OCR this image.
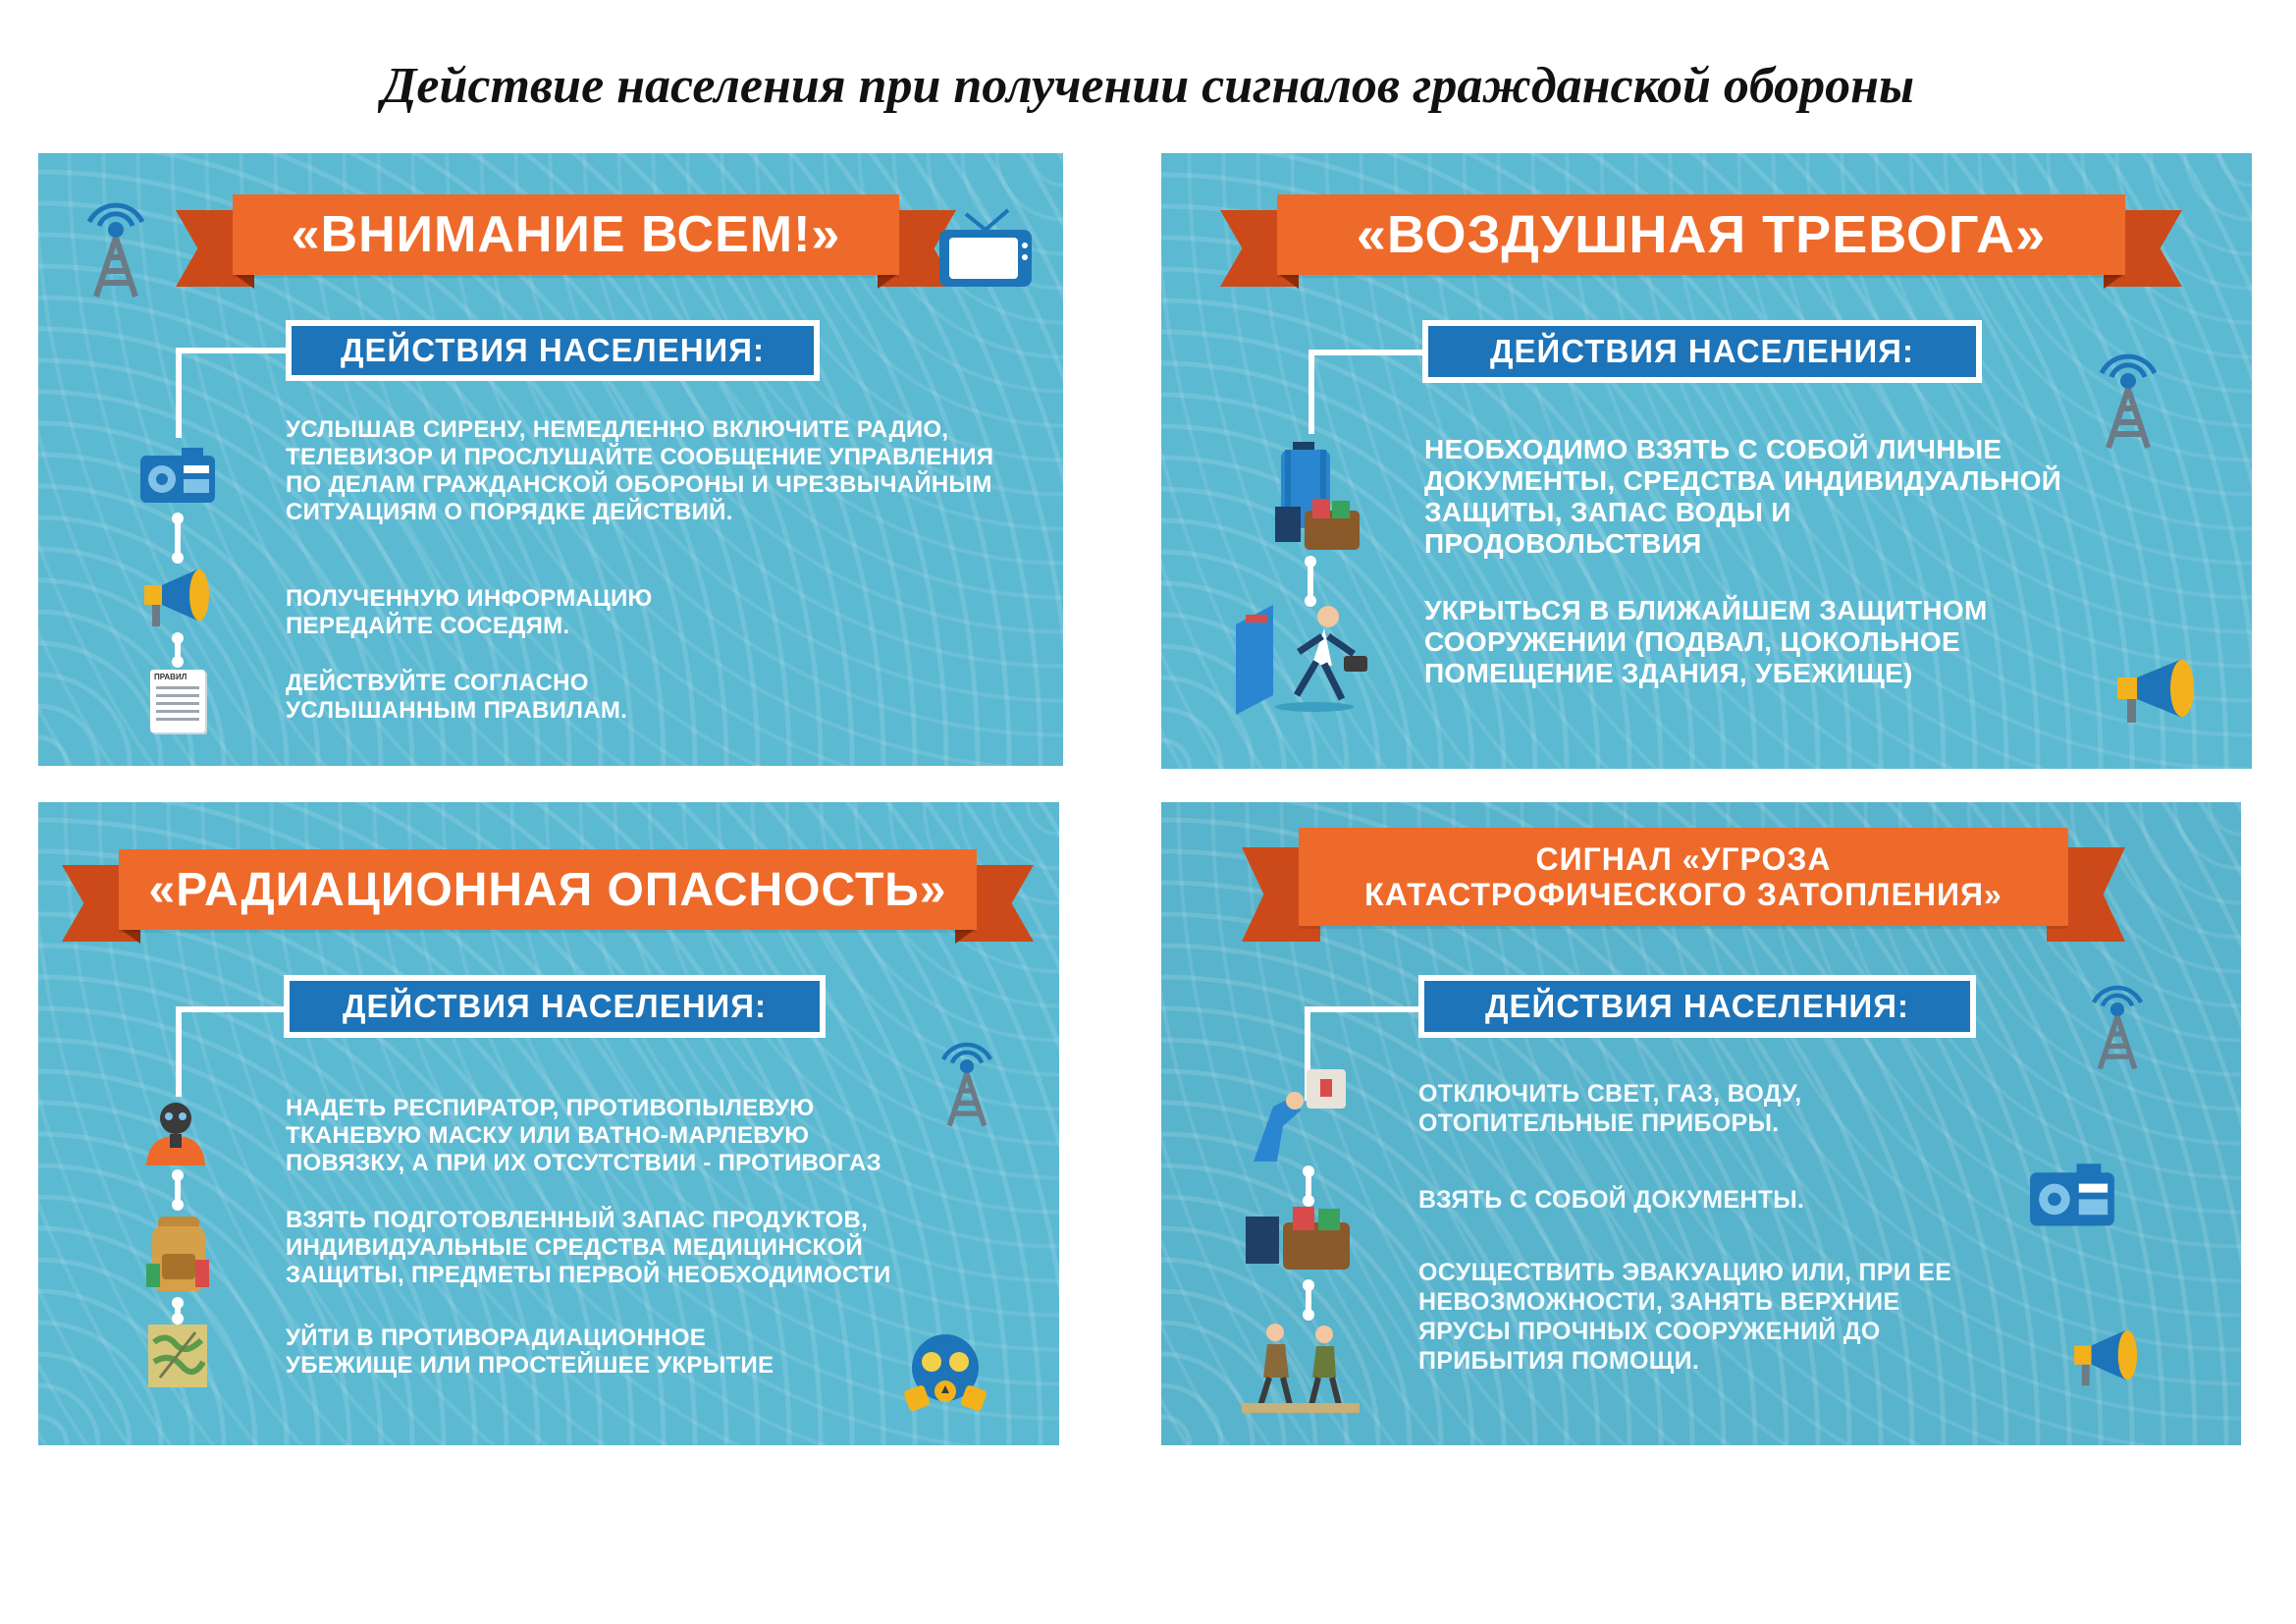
Действие населения при получении сигналов гражданской обороны
«ВНИМАНИЕ ВСЕМ!»
ДЕЙСТВИЯ НАСЕЛЕНИЯ:
ПРАВИЛ
УСЛЫШАВ СИРЕНУ, НЕМЕДЛЕННО ВКЛЮЧИТЕ РАДИО, ТЕЛЕВИЗОР И ПРОСЛУШАЙТЕ СООБЩЕНИЕ УПРАВЛЕНИЯ ПО ДЕЛАМ ГРАЖДАНСКОЙ ОБОРОНЫ И ЧРЕЗВЫЧАЙНЫМ СИТУАЦИЯМ О ПОРЯДКЕ ДЕЙСТВИЙ.
ПОЛУЧЕННУЮ ИНФОРМАЦИЮ ПЕРЕДАЙТЕ СОСЕДЯМ.
ДЕЙСТВУЙТЕ СОГЛАСНО УСЛЫШАННЫМ ПРАВИЛАМ.
«ВОЗДУШНАЯ ТРЕВОГА»
ДЕЙСТВИЯ НАСЕЛЕНИЯ:
НЕОБХОДИМО ВЗЯТЬ С СОБОЙ ЛИЧНЫЕ ДОКУМЕНТЫ, СРЕДСТВА ИНДИВИДУАЛЬНОЙ ЗАЩИТЫ, ЗАПАС ВОДЫ И ПРОДОВОЛЬСТВИЯ
УКРЫТЬСЯ В БЛИЖАЙШЕМ ЗАЩИТНОМ СООРУЖЕНИИ (ПОДВАЛ, ЦОКОЛЬНОЕ ПОМЕЩЕНИЕ ЗДАНИЯ, УБЕЖИЩЕ)
«РАДИАЦИОННАЯ ОПАСНОСТЬ»
ДЕЙСТВИЯ НАСЕЛЕНИЯ:
НАДЕТЬ РЕСПИРАТОР, ПРОТИВОПЫЛЕВУЮ ТКАНЕВУЮ МАСКУ ИЛИ ВАТНО-МАРЛЕВУЮ ПОВЯЗКУ, А ПРИ ИХ ОТСУТСТВИИ - ПРОТИВОГАЗ
ВЗЯТЬ ПОДГОТОВЛЕННЫЙ ЗАПАС ПРОДУКТОВ, ИНДИВИДУАЛЬНЫЕ СРЕДСТВА МЕДИЦИНСКОЙ ЗАЩИТЫ, ПРЕДМЕТЫ ПЕРВОЙ НЕОБХОДИМОСТИ
УЙТИ В ПРОТИВОРАДИАЦИОННОЕ УБЕЖИЩЕ ИЛИ ПРОСТЕЙШЕЕ УКРЫТИЕ
СИГНАЛ «УГРОЗА
КАТАСТРОФИЧЕСКОГО ЗАТОПЛЕНИЯ»
ДЕЙСТВИЯ НАСЕЛЕНИЯ:
ОТКЛЮЧИТЬ СВЕТ, ГАЗ, ВОДУ, ОТОПИТЕЛЬНЫЕ ПРИБОРЫ.
ВЗЯТЬ С СОБОЙ ДОКУМЕНТЫ.
ОСУЩЕСТВИТЬ ЭВАКУАЦИЮ ИЛИ, ПРИ ЕЕ НЕВОЗМОЖНОСТИ, ЗАНЯТЬ ВЕРХНИЕ ЯРУСЫ ПРОЧНЫХ СООРУЖЕНИЙ ДО ПРИБЫТИЯ ПОМОЩИ.
